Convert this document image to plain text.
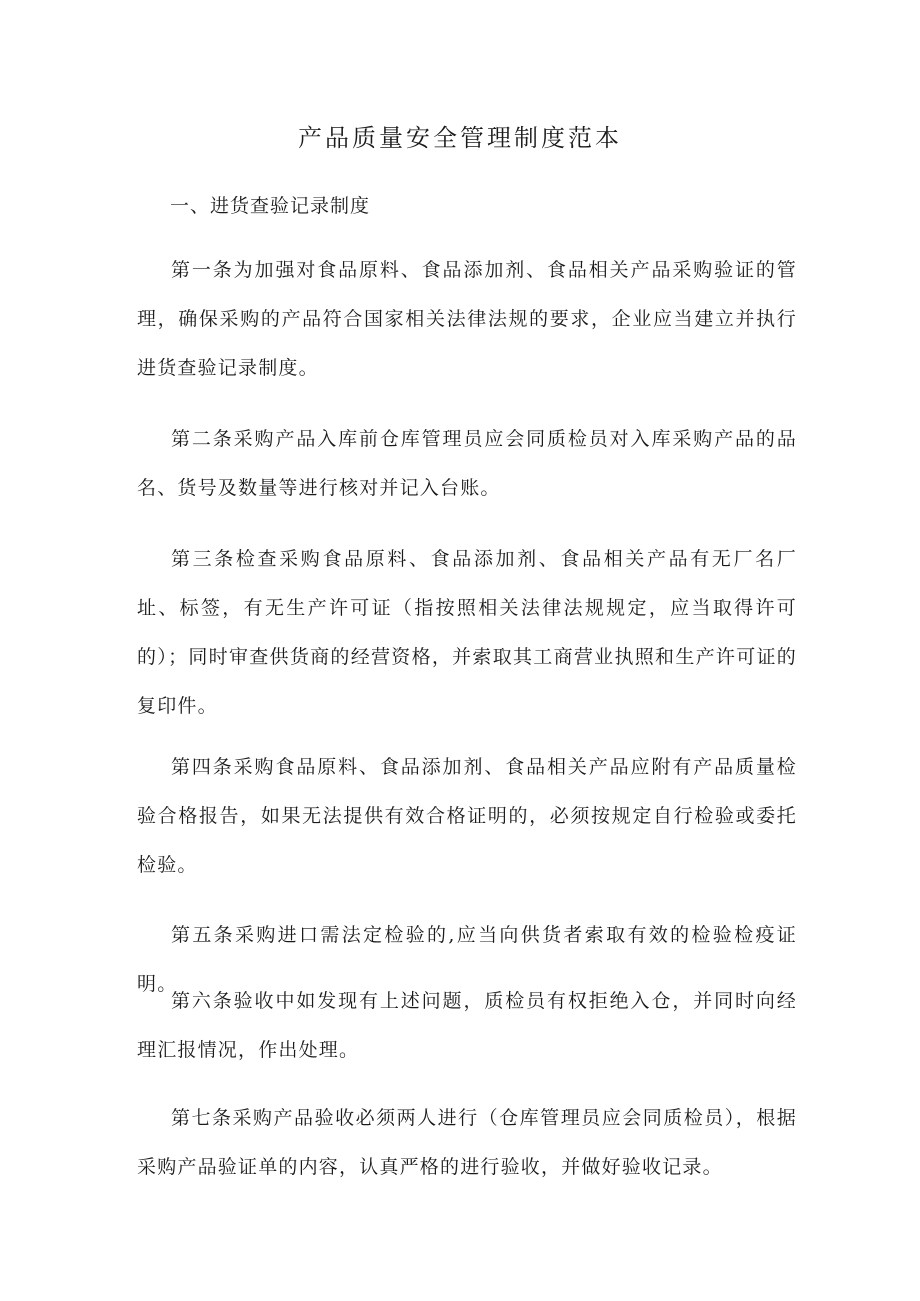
产品质量安全管理制度范本

一、进货查验记录制度

第一条为加强对食品原料、食品添加剂、食品相关产品采购验证的管理，确保采购的产品符合国家相关法律法规的要求，企业应当建立并执行进货查验记录制度。

第二条采购产品入库前仓库管理员应会同质检员对入库采购产品的品名、货号及数量等进行核对并记入台账。

第三条检查采购食品原料、食品添加剂、食品相关产品有无厂名厂址、标签，有无生产许可证（指按照相关法律法规规定，应当取得许可的）；同时审查供货商的经营资格，并索取其工商营业执照和生产许可证的复印件。

第四条采购食品原料、食品添加剂、食品相关产品应附有产品质量检验合格报告，如果无法提供有效合格证明的，必须按规定自行检验或委托检验。

第五条采购进口需法定检验的,应当向供货者索取有效的检验检疫证明。

第六条验收中如发现有上述问题，质检员有权拒绝入仓，并同时向经理汇报情况，作出处理。

第七条采购产品验收必须两人进行（仓库管理员应会同质检员），根据采购产品验证单的内容，认真严格的进行验收，并做好验收记录。
